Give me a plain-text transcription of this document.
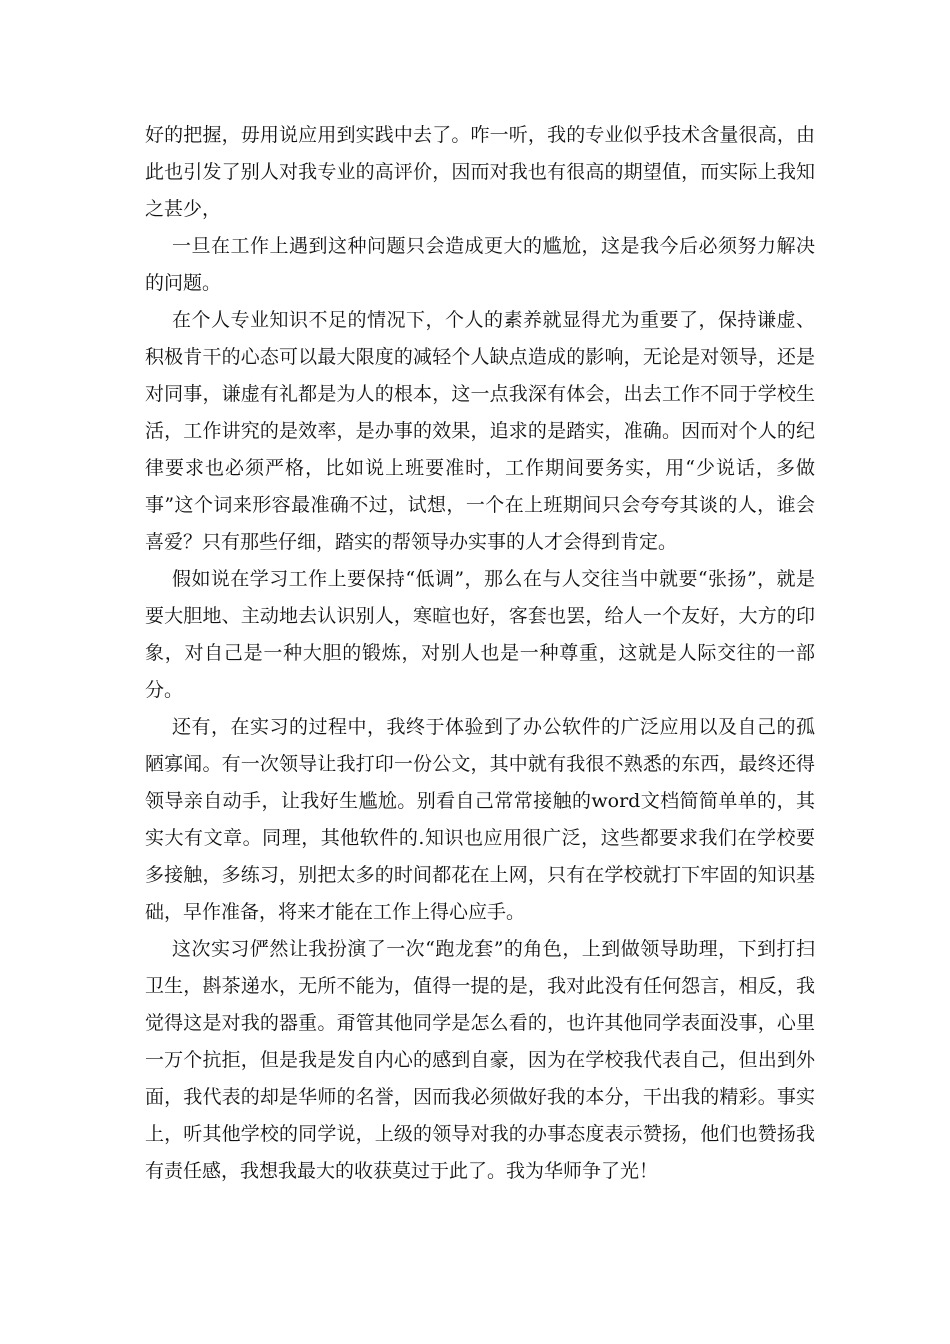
好的把握，毋用说应用到实践中去了。咋一听，我的专业似乎技术含量很高，由此也引发了别人对我专业的高评价，因而对我也有很高的期望值，而实际上我知之甚少，

一旦在工作上遇到这种问题只会造成更大的尴尬，这是我今后必须努力解决的问题。

在个人专业知识不足的情况下，个人的素养就显得尤为重要了，保持谦虚、积极肯干的心态可以最大限度的减轻个人缺点造成的影响，无论是对领导，还是对同事，谦虚有礼都是为人的根本，这一点我深有体会，出去工作不同于学校生活，工作讲究的是效率，是办事的效果，追求的是踏实，准确。因而对个人的纪律要求也必须严格，比如说上班要准时，工作期间要务实，用“少说话，多做事”这个词来形容最准确不过，试想，一个在上班期间只会夸夸其谈的人，谁会喜爱？只有那些仔细，踏实的帮领导办实事的人才会得到肯定。

假如说在学习工作上要保持“低调”，那么在与人交往当中就要“张扬”，就是要大胆地、主动地去认识别人，寒暄也好，客套也罢，给人一个友好，大方的印象，对自己是一种大胆的锻炼，对别人也是一种尊重，这就是人际交往的一部分。

还有，在实习的过程中，我终于体验到了办公软件的广泛应用以及自己的孤陋寡闻。有一次领导让我打印一份公文，其中就有我很不熟悉的东西，最终还得领导亲自动手，让我好生尴尬。别看自己常常接触的word文档简简单单的，其实大有文章。同理，其他软件的.知识也应用很广泛，这些都要求我们在学校要多接触，多练习，别把太多的时间都花在上网，只有在学校就打下牢固的知识基础，早作准备，将来才能在工作上得心应手。

这次实习俨然让我扮演了一次“跑龙套”的角色，上到做领导助理，下到打扫卫生，斟茶递水，无所不能为，值得一提的是，我对此没有任何怨言，相反，我觉得这是对我的器重。甭管其他同学是怎么看的，也许其他同学表面没事，心里一万个抗拒，但是我是发自内心的感到自豪，因为在学校我代表自己，但出到外面，我代表的却是华师的名誉，因而我必须做好我的本分，干出我的精彩。事实上，听其他学校的同学说，上级的领导对我的办事态度表示赞扬，他们也赞扬我有责任感，我想我最大的收获莫过于此了。我为华师争了光！
